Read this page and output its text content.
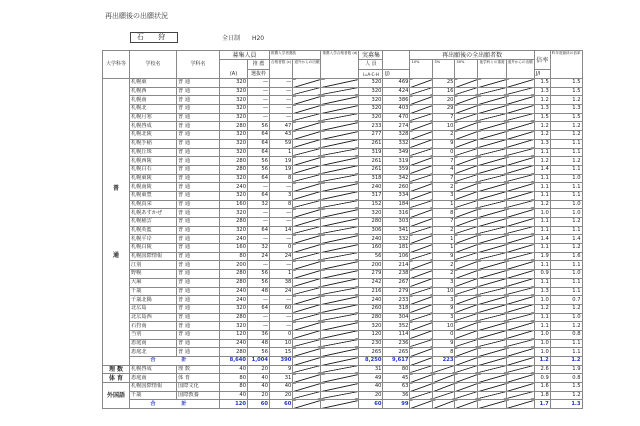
再出願後の出願状況
石 狩	全日制 H20
大学科等	学校名	学科名	募集人員		推薦入学者選抜		推薦入学合格者数 (d)	実募集		再出願後の全出願者数					倍率	昨年度最終の倍率
			(A)	推 薦	合格者数 (c)	道外からの出願		人 員		10%	5%	50%	他学科との重複	道外からの出願		
				選抜枠				I=A-C-H	(J)						J/I	

普
通	札幌東	普 通	320	—	—			320	469		25				1.5	1.5
	札幌西	普 通	320	—	—			320	424		16				1.3	1.5
	札幌南	普 通	320	—	—			320	386		20				1.2	1.2
	札幌北	普 通	320	—	—			320	403		29				1.3	1.3
	札幌月寒	普 通	320	—	—			320	470		7				1.5	1.5
	札幌啓成	普 通	280	56	47			233	274		10				1.2	1.2
	札幌北陵	普 通	320	64	43			277	328		2				1.2	1.2
	札幌手稲	普 通	320	64	59			261	332		9				1.3	1.1
	札幌丘珠	普 通	320	64	1			319	349		0				1.1	1.1
	札幌西陵	普 通	280	56	19			261	319		7				1.2	1.2
	札幌白石	普 通	280	56	19			261	359		4				1.4	1.1
	札幌東陵	普 通	320	64	8			318	342		7				1.1	1.0
	札幌南陵	普 通	240	—	—			240	260		2				1.1	1.1
	札幌東豊	普 通	320	64	3			317	334		3				1.1	1.1
	札幌真栄	普 通	160	32	8			152	184		1				1.2	1.0
	札幌あすかぜ	普 通	320	—	—			320	316		8				1.0	1.0
	札幌稲雲	普 通	280	—	—			280	303		7				1.1	1.2
	札幌英藍	普 通	320	64	14			306	341		2				1.1	1.1
	札幌平岸	普 通	240	—	—			240	332		1				1.4	1.4
	札幌白陵	普 通	160	32	0			160	181		1				1.1	1.2
	札幌国際情報	普 通	80	24	24			56	106		9				1.9	1.6
	江別	普 通	200	—	—			200	214		2				1.1	1.1
	野幌	普 通	280	56	1			279	238		2				0.9	1.0
	大麻	普 通	280	56	38			242	267		3				1.1	1.1
	千歳	普 通	240	48	24			216	279		10				1.3	1.1
	千歳北陽	普 通	240	—	—			240	233		3				1.0	0.7
	北広島	普 通	320	64	60			260	318		9				1.2	1.2
	北広島西	普 通	280	—	—			280	304		3				1.1	1.0
	石狩南	普 通	320	—	—			320	352		10				1.1	1.2
	当別	普 通	120	36	0			120	114		0				1.0	0.8
	恵庭南	普 通	240	48	10			230	236		9				1.0	1.1
	恵庭北	普 通	280	56	15			265	265		8				1.0	1.1
	合 計		8,640	1,004	390			8,250	9,617		223				1.2	1.2
理 数	札幌啓成	理 数	40	20	9			31	80						2.6	1.9
体 育	恵庭南	体 育	80	40	31			49	45						0.9	0.8
外国語	札幌国際情報	国際文化	80	40	40			40	63						1.6	1.5
	千歳	国際教養	40	20	20			20	36						1.8	1.2
	合 計		120	60	60			60	99						1.7	1.3
